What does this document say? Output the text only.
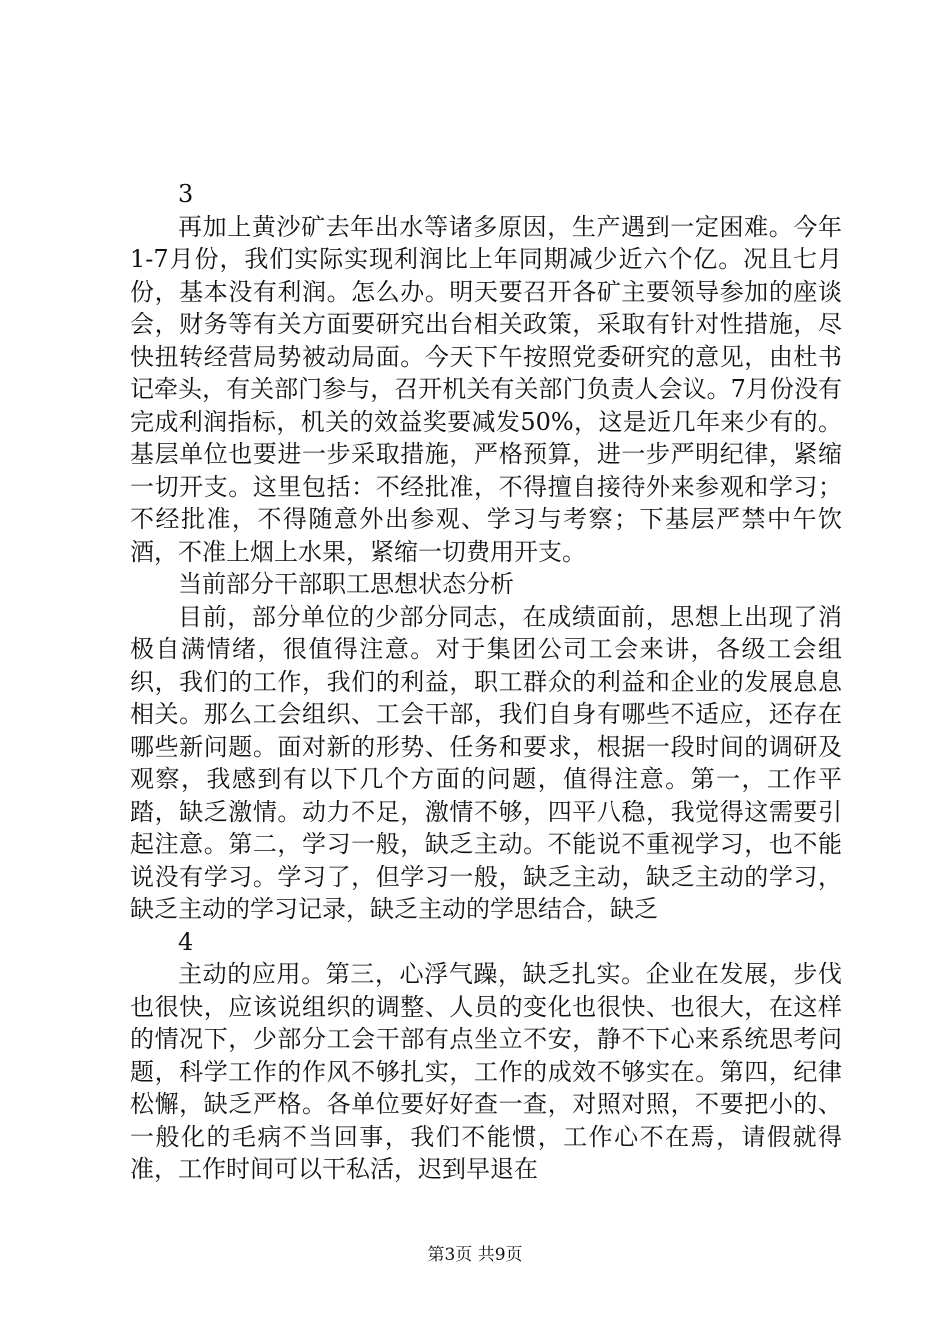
3
再加上黄沙矿去年出水等诸多原因，生产遇到一定困难。今年1-7月份，我们实际实现利润比上年同期减少近六个亿。况且七月份，基本没有利润。怎么办。明天要召开各矿主要领导参加的座谈会，财务等有关方面要研究出台相关政策，采取有针对性措施，尽快扭转经营局势被动局面。今天下午按照党委研究的意见，由杜书记牵头，有关部门参与，召开机关有关部门负责人会议。7月份没有完成利润指标，机关的效益奖要减发50%，这是近几年来少有的。基层单位也要进一步采取措施，严格预算，进一步严明纪律，紧缩一切开支。这里包括：不经批准，不得擅自接待外来参观和学习；不经批准，不得随意外出参观、学习与考察；下基层严禁中午饮酒，不准上烟上水果，紧缩一切费用开支。
当前部分干部职工思想状态分析
目前，部分单位的少部分同志，在成绩面前，思想上出现了消极自满情绪，很值得注意。对于集团公司工会来讲，各级工会组织，我们的工作，我们的利益，职工群众的利益和企业的发展息息相关。那么工会组织、工会干部，我们自身有哪些不适应，还存在哪些新问题。面对新的形势、任务和要求，根据一段时间的调研及观察，我感到有以下几个方面的问题，值得注意。第一，工作平踏，缺乏激情。动力不足，激情不够，四平八稳，我觉得这需要引起注意。第二，学习一般，缺乏主动。不能说不重视学习，也不能说没有学习。学习了，但学习一般，缺乏主动，缺乏主动的学习，缺乏主动的学习记录，缺乏主动的学思结合，缺乏
4
主动的应用。第三，心浮气躁，缺乏扎实。企业在发展，步伐也很快，应该说组织的调整、人员的变化也很快、也很大，在这样的情况下，少部分工会干部有点坐立不安，静不下心来系统思考问题，科学工作的作风不够扎实，工作的成效不够实在。第四，纪律松懈，缺乏严格。各单位要好好查一查，对照对照，不要把小的、一般化的毛病不当回事，我们不能惯，工作心不在焉，请假就得准，工作时间可以干私活，迟到早退在
第3页 共9页
